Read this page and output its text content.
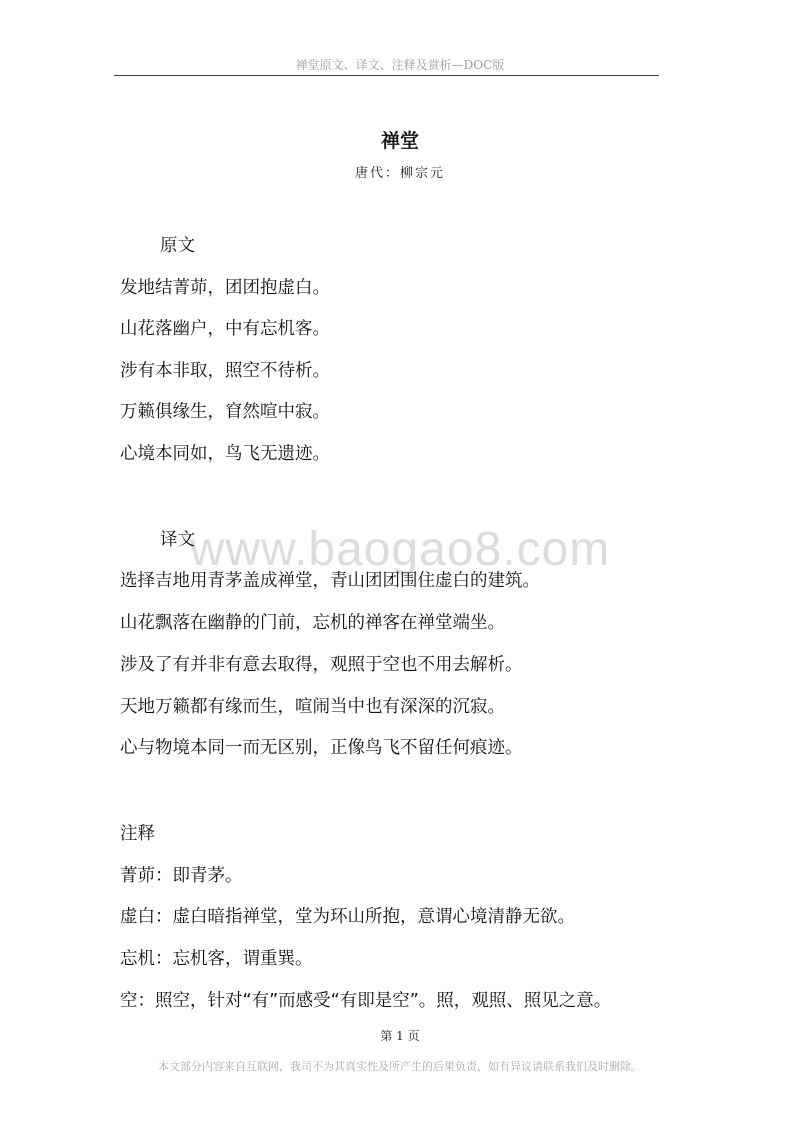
禅堂原文、译文、注释及赏析—DOC版
禅堂
唐代：柳宗元
www.baogao8.com
原文
发地结菁茆，团团抱虚白。
山花落幽户，中有忘机客。
涉有本非取，照空不待析。
万籁俱缘生，窅然喧中寂。
心境本同如，鸟飞无遗迹。
译文
选择吉地用青茅盖成禅堂，青山团团围住虚白的建筑。
山花飘落在幽静的门前，忘机的禅客在禅堂端坐。
涉及了有并非有意去取得，观照于空也不用去解析。
天地万籁都有缘而生，喧闹当中也有深深的沉寂。
心与物境本同一而无区别，正像鸟飞不留任何痕迹。
注释
菁茆：即青茅。
虚白：虚白暗指禅堂，堂为环山所抱，意谓心境清静无欲。
忘机：忘机客，谓重巽。
空：照空，针对“有”而感受“有即是空”。照，观照、照见之意。
第 1 页
本文部分内容来自互联网，我司不为其真实性及所产生的后果负责，如有异议请联系我们及时删除。
